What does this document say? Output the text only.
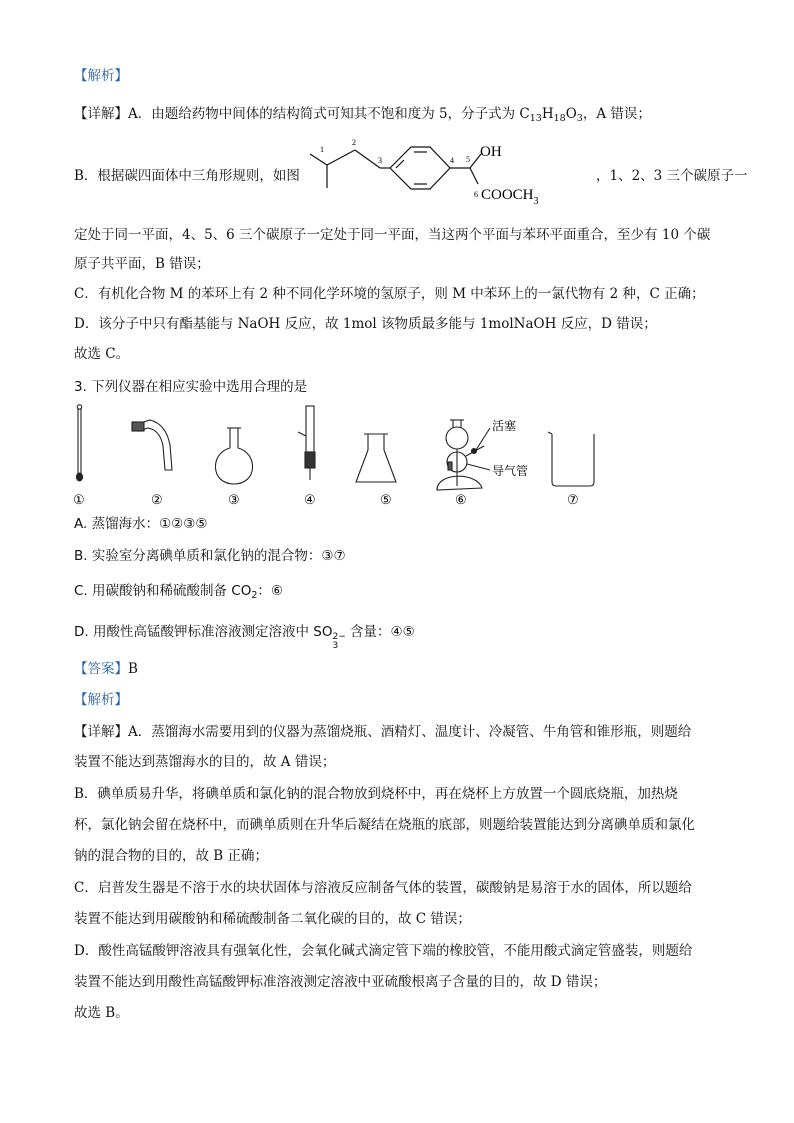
【解析】
【详解】A．由题给药物中间体的结构简式可知其不饱和度为 5，分子式为 $C_{13}H_{18}O_3$，A 错误；
B．根据碳四面体中三角形规则，如图
1
2
3	4 5
6
OH
$COOCH_3$
，1、2、3 三个碳原子一
定处于同一平面，4、5、6 三个碳原子一定处于同一平面，当这两个平面与苯环平面重合，至少有 10 个碳
原子共平面，B 错误；
C．有机化合物 M 的苯环上有 2 种不同化学环境的氢原子，则 M 中苯环上的一氯代物有 2 种，C 正确；
D．该分子中只有酯基能与 NaOH 反应，故 1mol 该物质最多能与 1molNaOH 反应，D 错误；
故选 C。
3. 下列仪器在相应实验中选用合理的是
活塞
导气管
①	②	③	④	⑤	⑥	⑦
A. 蒸馏海水：①②③⑤
B. 实验室分离碘单质和氯化钠的混合物：③⑦
C. 用碳酸钠和稀硫酸制备 $CO_2$：⑥
D. 用酸性高锰酸钾标准溶液测定溶液中 SO 2−
3
含量：④⑤
【答案】B
【解析】
【详解】A．蒸馏海水需要用到的仪器为蒸馏烧瓶、酒精灯、温度计、冷凝管、牛角管和锥形瓶，则题给
装置不能达到蒸馏海水的目的，故 A 错误；
B．碘单质易升华，将碘单质和氯化钠的混合物放到烧杯中，再在烧杯上方放置一个圆底烧瓶，加热烧
杯，氯化钠会留在烧杯中，而碘单质则在升华后凝结在烧瓶的底部，则题给装置能达到分离碘单质和氯化
钠的混合物的目的，故 B 正确；
C．启普发生器是不溶于水的块状固体与溶液反应制备气体的装置，碳酸钠是易溶于水的固体，所以题给
装置不能达到用碳酸钠和稀硫酸制备二氧化碳的目的，故 C 错误；
D．酸性高锰酸钾溶液具有强氧化性，会氧化碱式滴定管下端的橡胶管，不能用酸式滴定管盛装，则题给
装置不能达到用酸性高锰酸钾标准溶液测定溶液中亚硫酸根离子含量的目的，故 D 错误；
故选 B。
